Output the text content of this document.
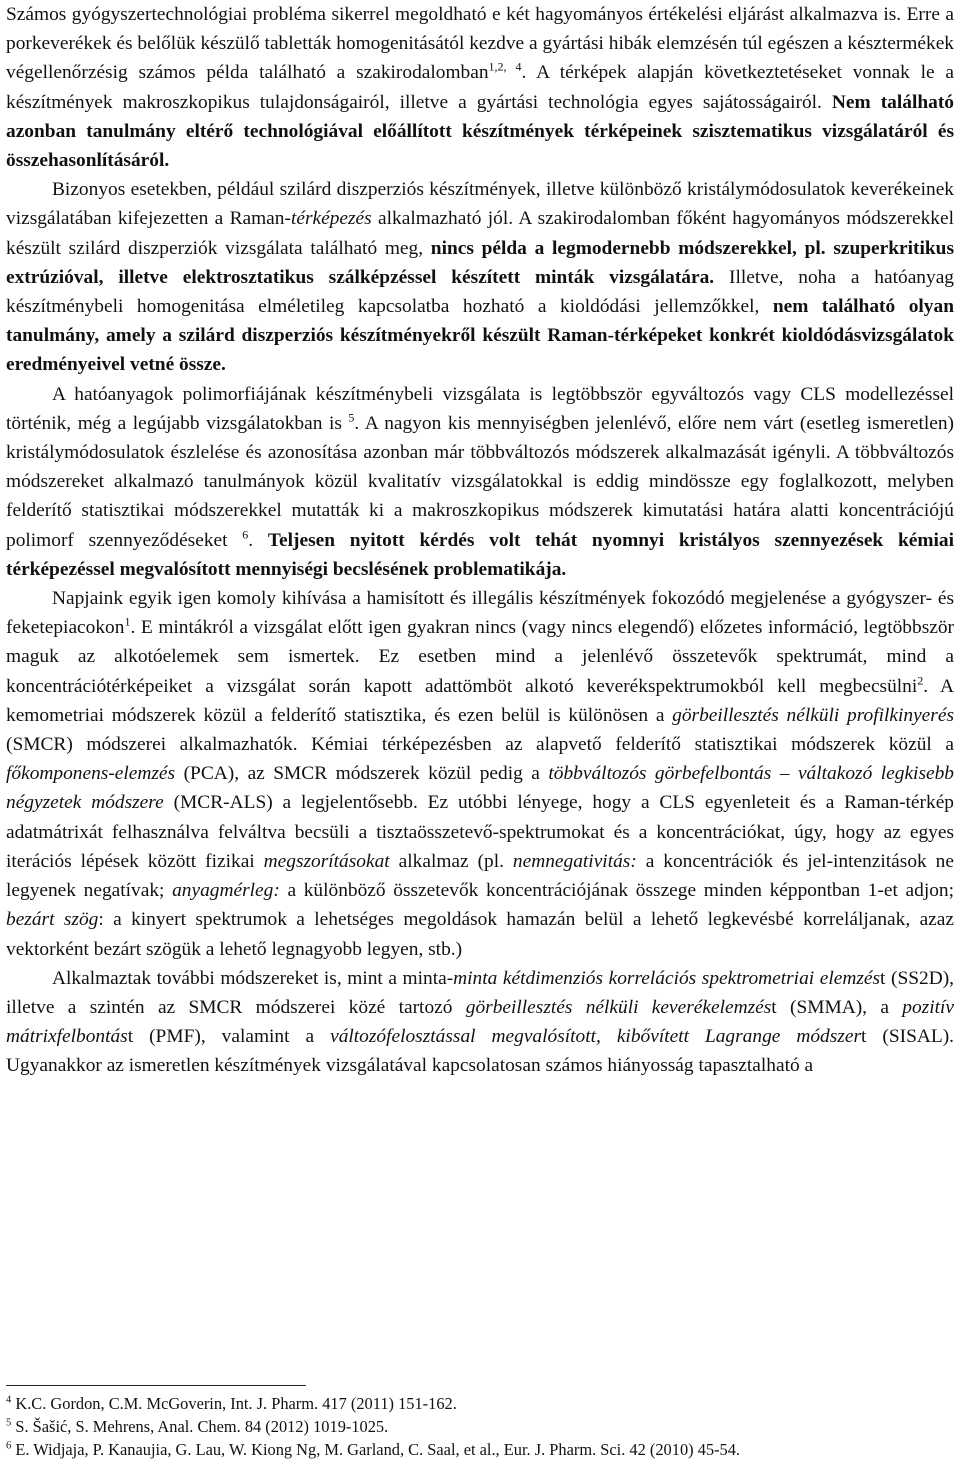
Számos gyógyszertechnológiai probléma sikerrel megoldható e két hagyományos értékelési eljárást alkalmazva is. Erre a porkeverékek és belőlük készülő tabletták homogenitásától kezdve a gyártási hibák elemzésén túl egészen a késztermékek végellenőrzésig számos példa található a szakirodalomban$^{1,2, 4}$. A térképek alapján következtetéseket vonnak le a készítmények makroszkopikus tulajdonságairól, illetve a gyártási technológia egyes sajátosságairól. Nem található azonban tanulmány eltérő technológiával előállított készítmények térképeinek szisztematikus vizsgálatáról és összehasonlításáról.

Bizonyos esetekben, például szilárd diszperziós készítmények, illetve különböző kristálymódosulatok keverékeinek vizsgálatában kifejezetten a Raman-térképezés alkalmazható jól. A szakirodalomban főként hagyományos módszerekkel készült szilárd diszperziók vizsgálata található meg, nincs példa a legmodernebb módszerekkel, pl. szuperkritikus extrúzióval, illetve elektrosztatikus szálképzéssel készített minták vizsgálatára. Illetve, noha a hatóanyag készítménybeli homogenitása elméletileg kapcsolatba hozható a kioldódási jellemzőkkel, nem található olyan tanulmány, amely a szilárd diszperziós készítményekről készült Raman-térképeket konkrét kioldódásvizsgálatok eredményeivel vetné össze.

A hatóanyagok polimorfiájának készítménybeli vizsgálata is legtöbbször egyváltozós vagy CLS modellezéssel történik, még a legújabb vizsgálatokban is $^5$. A nagyon kis mennyiségben jelenlévő, előre nem várt (esetleg ismeretlen) kristálymódosulatok észlelése és azonosítása azonban már többváltozós módszerek alkalmazását igényli. A többváltozós módszereket alkalmazó tanulmányok közül kvalitatív vizsgálatokkal is eddig mindössze egy foglalkozott, melyben felderítő statisztikai módszerekkel mutatták ki a makroszkopikus módszerek kimutatási határa alatti koncentrációjú polimorf szennyeződéseket $^6$. Teljesen nyitott kérdés volt tehát nyomnyi kristályos szennyezések kémiai térképezéssel megvalósított mennyiségi becslésének problematikája.

Napjaink egyik igen komoly kihívása a hamisított és illegális készítmények fokozódó megjelenése a gyógyszer- és feketepiacokon$^1$. E mintákról a vizsgálat előtt igen gyakran nincs (vagy nincs elegendő) előzetes információ, legtöbbször maguk az alkotóelemek sem ismertek. Ez esetben mind a jelenlévő összetevők spektrumát, mind a koncentrációtérképeiket a vizsgálat során kapott adattömböt alkotó keverékspektrumokból kell megbecsülni$^2$. A kemometriai módszerek közül a felderítő statisztika, és ezen belül is különösen a görbeillesztés nélküli profilkinyerés (SMCR) módszerei alkalmazhatók. Kémiai térképezésben az alapvető felderítő statisztikai módszerek közül a főkomponens-elemzés (PCA), az SMCR módszerek közül pedig a többváltozós görbefelbontás – váltakozó legkisebb négyzetek módszere (MCR-ALS) a legjelentősebb. Ez utóbbi lényege, hogy a CLS egyenleteit és a Raman-térkép adatmátrixát felhasználva felváltva becsüli a tisztaösszetevő-spektrumokat és a koncentrációkat, úgy, hogy az egyes iterációs lépések között fizikai megszorításokat alkalmaz (pl. nemnegativitás: a koncentrációk és jel-intenzitások ne legyenek negatívak; anyagmérleg: a különböző összetevők koncentrációjának összege minden képpontban 1-et adjon; bezárt szög: a kinyert spektrumok a lehetséges megoldások hamazán belül a lehető legkevésbé korreláljanak, azaz vektorként bezárt szögük a lehető legnagyobb legyen, stb.)

Alkalmaztak további módszereket is, mint a minta-minta kétdimenziós korrelációs spektrometriai elemzést (SS2D), illetve a szintén az SMCR módszerei közé tartozó görbeillesztés nélküli keverékelemzést (SMMA), a pozitív mátrixfelbontást (PMF), valamint a változófelosztással megvalósított, kibővített Lagrange módszert (SISAL). Ugyanakkor az ismeretlen készítmények vizsgálatával kapcsolatosan számos hiányosság tapasztalható a

$^4$ K.C. Gordon, C.M. McGoverin, Int. J. Pharm. 417 (2011) 151-162.
$^5$ S. Šašić, S. Mehrens, Anal. Chem. 84 (2012) 1019-1025.
$^6$ E. Widjaja, P. Kanaujia, G. Lau, W. Kiong Ng, M. Garland, C. Saal, et al., Eur. J. Pharm. Sci. 42 (2010) 45-54.
